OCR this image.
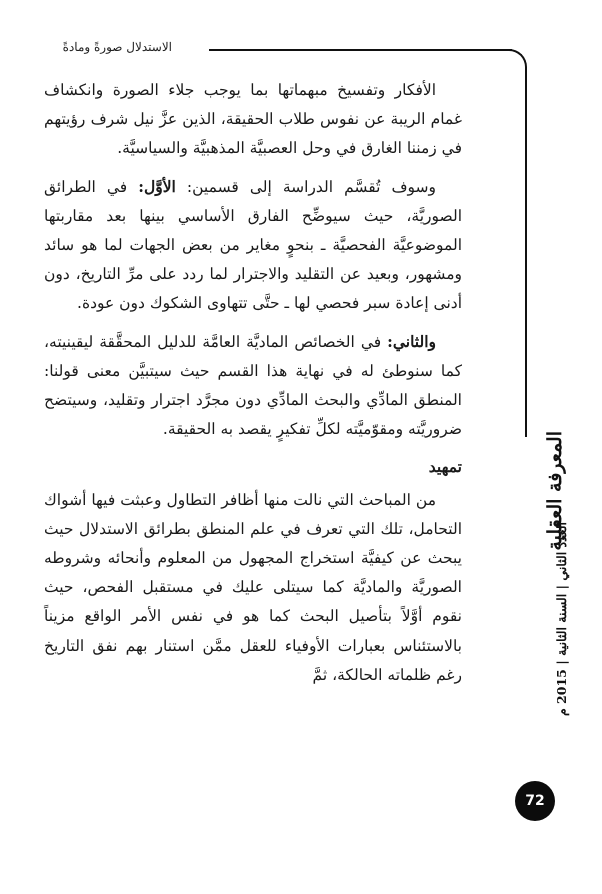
الاستدلال صورةً ومادةً

الأفكار وتفسيخ مبهماتها بما يوجب جلاء الصورة وانكشاف غمام الريبة عن نفوس طلاب الحقيقة، الذين عزَّ نيل شرف رؤيتهم في زمننا الغارق في وحل العصبيَّة المذهبيَّة والسياسيَّة.

وسوف تُقسَّم الدراسة إلى قسمين: الأوَّل: في الطرائق الصوريَّة، حيث سيوضِّح الفارق الأساسي بينها بعد مقاربتها الموضوعيَّة الفحصيَّة ـ بنحوٍ مغاير من بعض الجهات لما هو سائد ومشهور، وبعيد عن التقليد والاجترار لما ردد على مرِّ التاريخ، دون أدنى إعادة سبر فحصي لها ـ حتَّى تتهاوى الشكوك دون عودة.

والثاني: في الخصائص الماديَّة العامَّة للدليل المحقَّقة ليقينيته، كما سنوطئ له في نهاية هذا القسم حيث سيتبيَّن معنى قولنا: المنطق المادِّي والبحث المادِّي دون مجرَّد اجترار وتقليد، وسيتضح ضروريَّته ومقوّميَّته لكلِّ تفكيرٍ يقصد به الحقيقة.

تمهيد

من المباحث التي نالت منها أظافر التطاول وعبثت فيها أشواك التحامل، تلك التي تعرف في علم المنطق بطرائق الاستدلال حيث يبحث عن كيفيَّة استخراج المجهول من المعلوم وأنحائه وشروطه الصوريَّة والماديَّة كما سيتلى عليك في مستقبل الفحص، حيث نقوم أوَّلاً بتأصيل البحث كما هو في نفس الأمر الواقع مزيناً بالاستئناس بعبارات الأوفياء للعقل ممَّن استنار بهم نفق التاريخ رغم ظلماته الحالكة، ثمَّ

المعرفة العقلية
العدد الثاني | السنة الثانية | 2015 م
72
